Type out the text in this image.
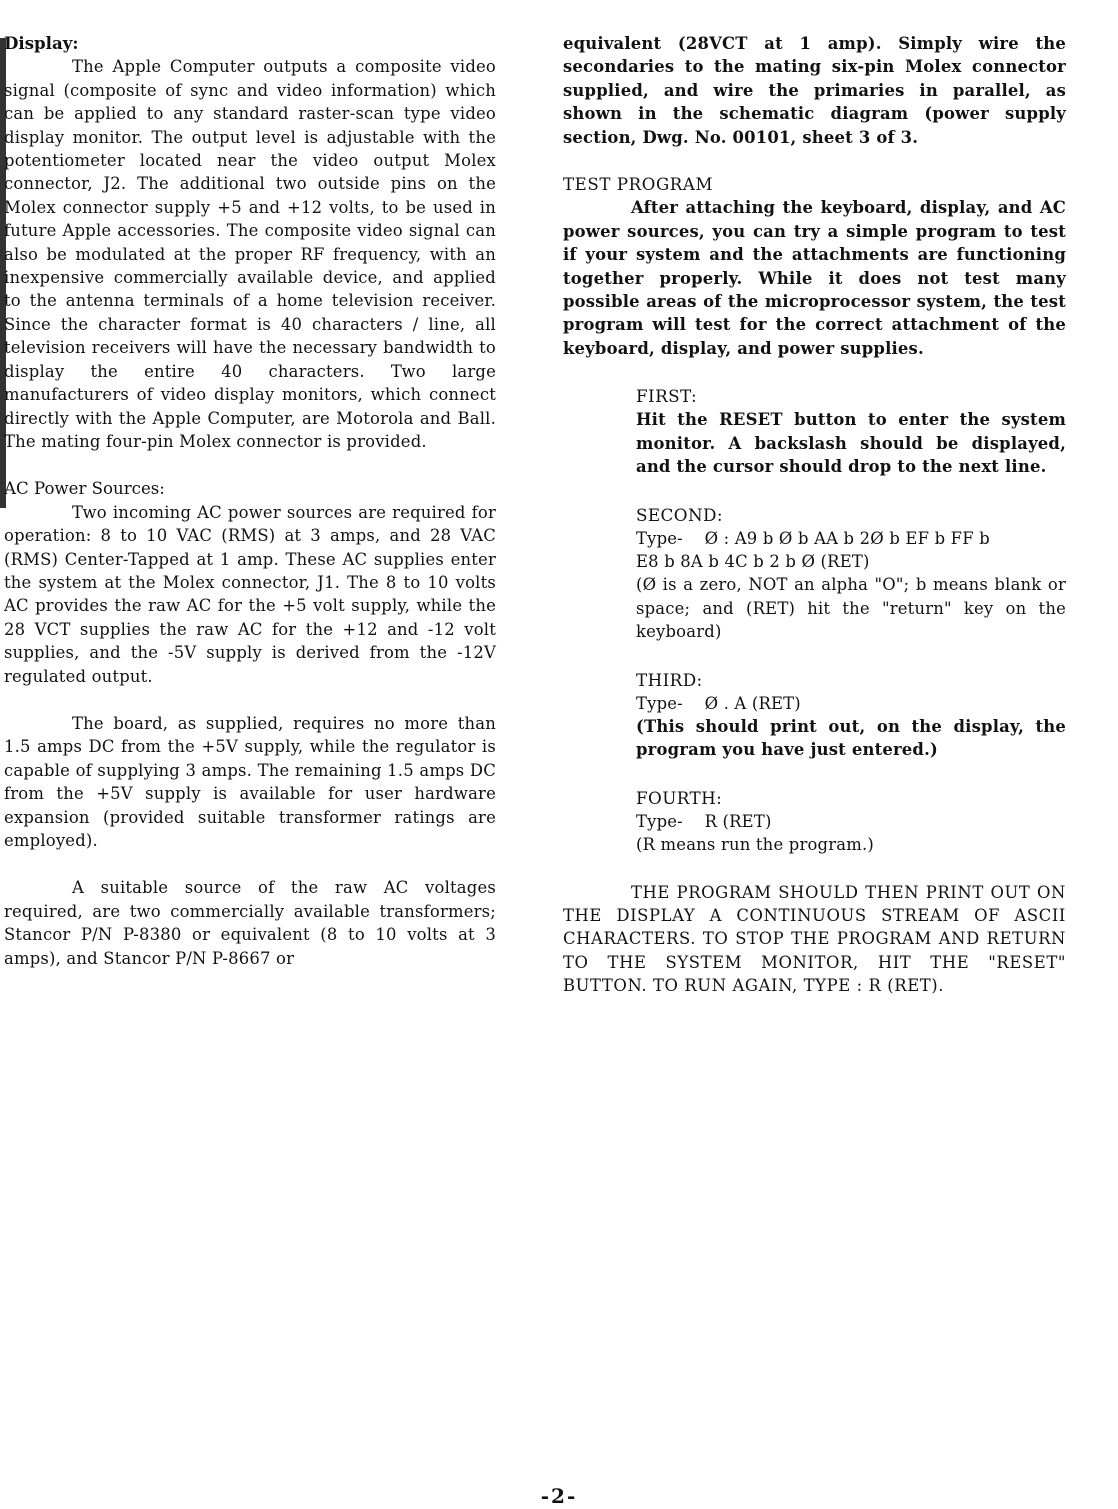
Display:

The Apple Computer outputs a composite video signal (composite of sync and video information) which can be applied to any standard raster-scan type video display monitor. The output level is adjustable with the potentiometer located near the video output Molex connector, J2. The additional two outside pins on the Molex connector supply +5 and +12 volts, to be used in future Apple accessories. The composite video signal can also be modulated at the proper RF frequency, with an inexpensive commercially available device, and applied to the antenna terminals of a home television receiver. Since the character format is 40 characters / line, all television receivers will have the necessary bandwidth to display the entire 40 characters. Two large manufacturers of video display monitors, which connect directly with the Apple Computer, are Motorola and Ball. The mating four-pin Molex connector is provided.

AC Power Sources:

Two incoming AC power sources are required for operation: 8 to 10 VAC (RMS) at 3 amps, and 28 VAC (RMS) Center-Tapped at 1 amp. These AC supplies enter the system at the Molex connector, J1. The 8 to 10 volts AC provides the raw AC for the +5 volt supply, while the 28 VCT supplies the raw AC for the +12 and -12 volt supplies, and the -5V supply is derived from the -12V regulated output.

The board, as supplied, requires no more than 1.5 amps DC from the +5V supply, while the regulator is capable of supplying 3 amps. The remaining 1.5 amps DC from the +5V supply is available for user hardware expansion (provided suitable transformer ratings are employed).

A suitable source of the raw AC voltages required, are two commercially available transformers; Stancor P/N P-8380 or equivalent (8 to 10 volts at 3 amps), and Stancor P/N P-8667 or

equivalent (28VCT at 1 amp). Simply wire the secondaries to the mating six-pin Molex connector supplied, and wire the primaries in parallel, as shown in the schematic diagram (power supply section, Dwg. No. 00101, sheet 3 of 3.

TEST PROGRAM

After attaching the keyboard, display, and AC power sources, you can try a simple program to test if your system and the attachments are functioning together properly. While it does not test many possible areas of the microprocessor system, the test program will test for the correct attachment of the keyboard, display, and power supplies.

FIRST:

Hit the RESET button to enter the system monitor. A backslash should be displayed, and the cursor should drop to the next line.

SECOND:

Type-    Ø : A9 b Ø b AA b 2Ø b EF b FF b

E8 b 8A b 4C b 2 b Ø (RET)

(Ø is a zero, NOT an alpha "O"; b means blank or space; and (RET) hit the "return" key on the keyboard)

THIRD:

Type-    Ø . A (RET)

(This should print out, on the display, the program you have just entered.)

FOURTH:

Type-    R (RET)

(R means run the program.)

THE PROGRAM SHOULD THEN PRINT OUT ON THE DISPLAY A CONTINUOUS STREAM OF ASCII CHARACTERS. TO STOP THE PROGRAM AND RETURN TO THE SYSTEM MONITOR, HIT THE "RESET" BUTTON. TO RUN AGAIN, TYPE : R (RET).

-2-
